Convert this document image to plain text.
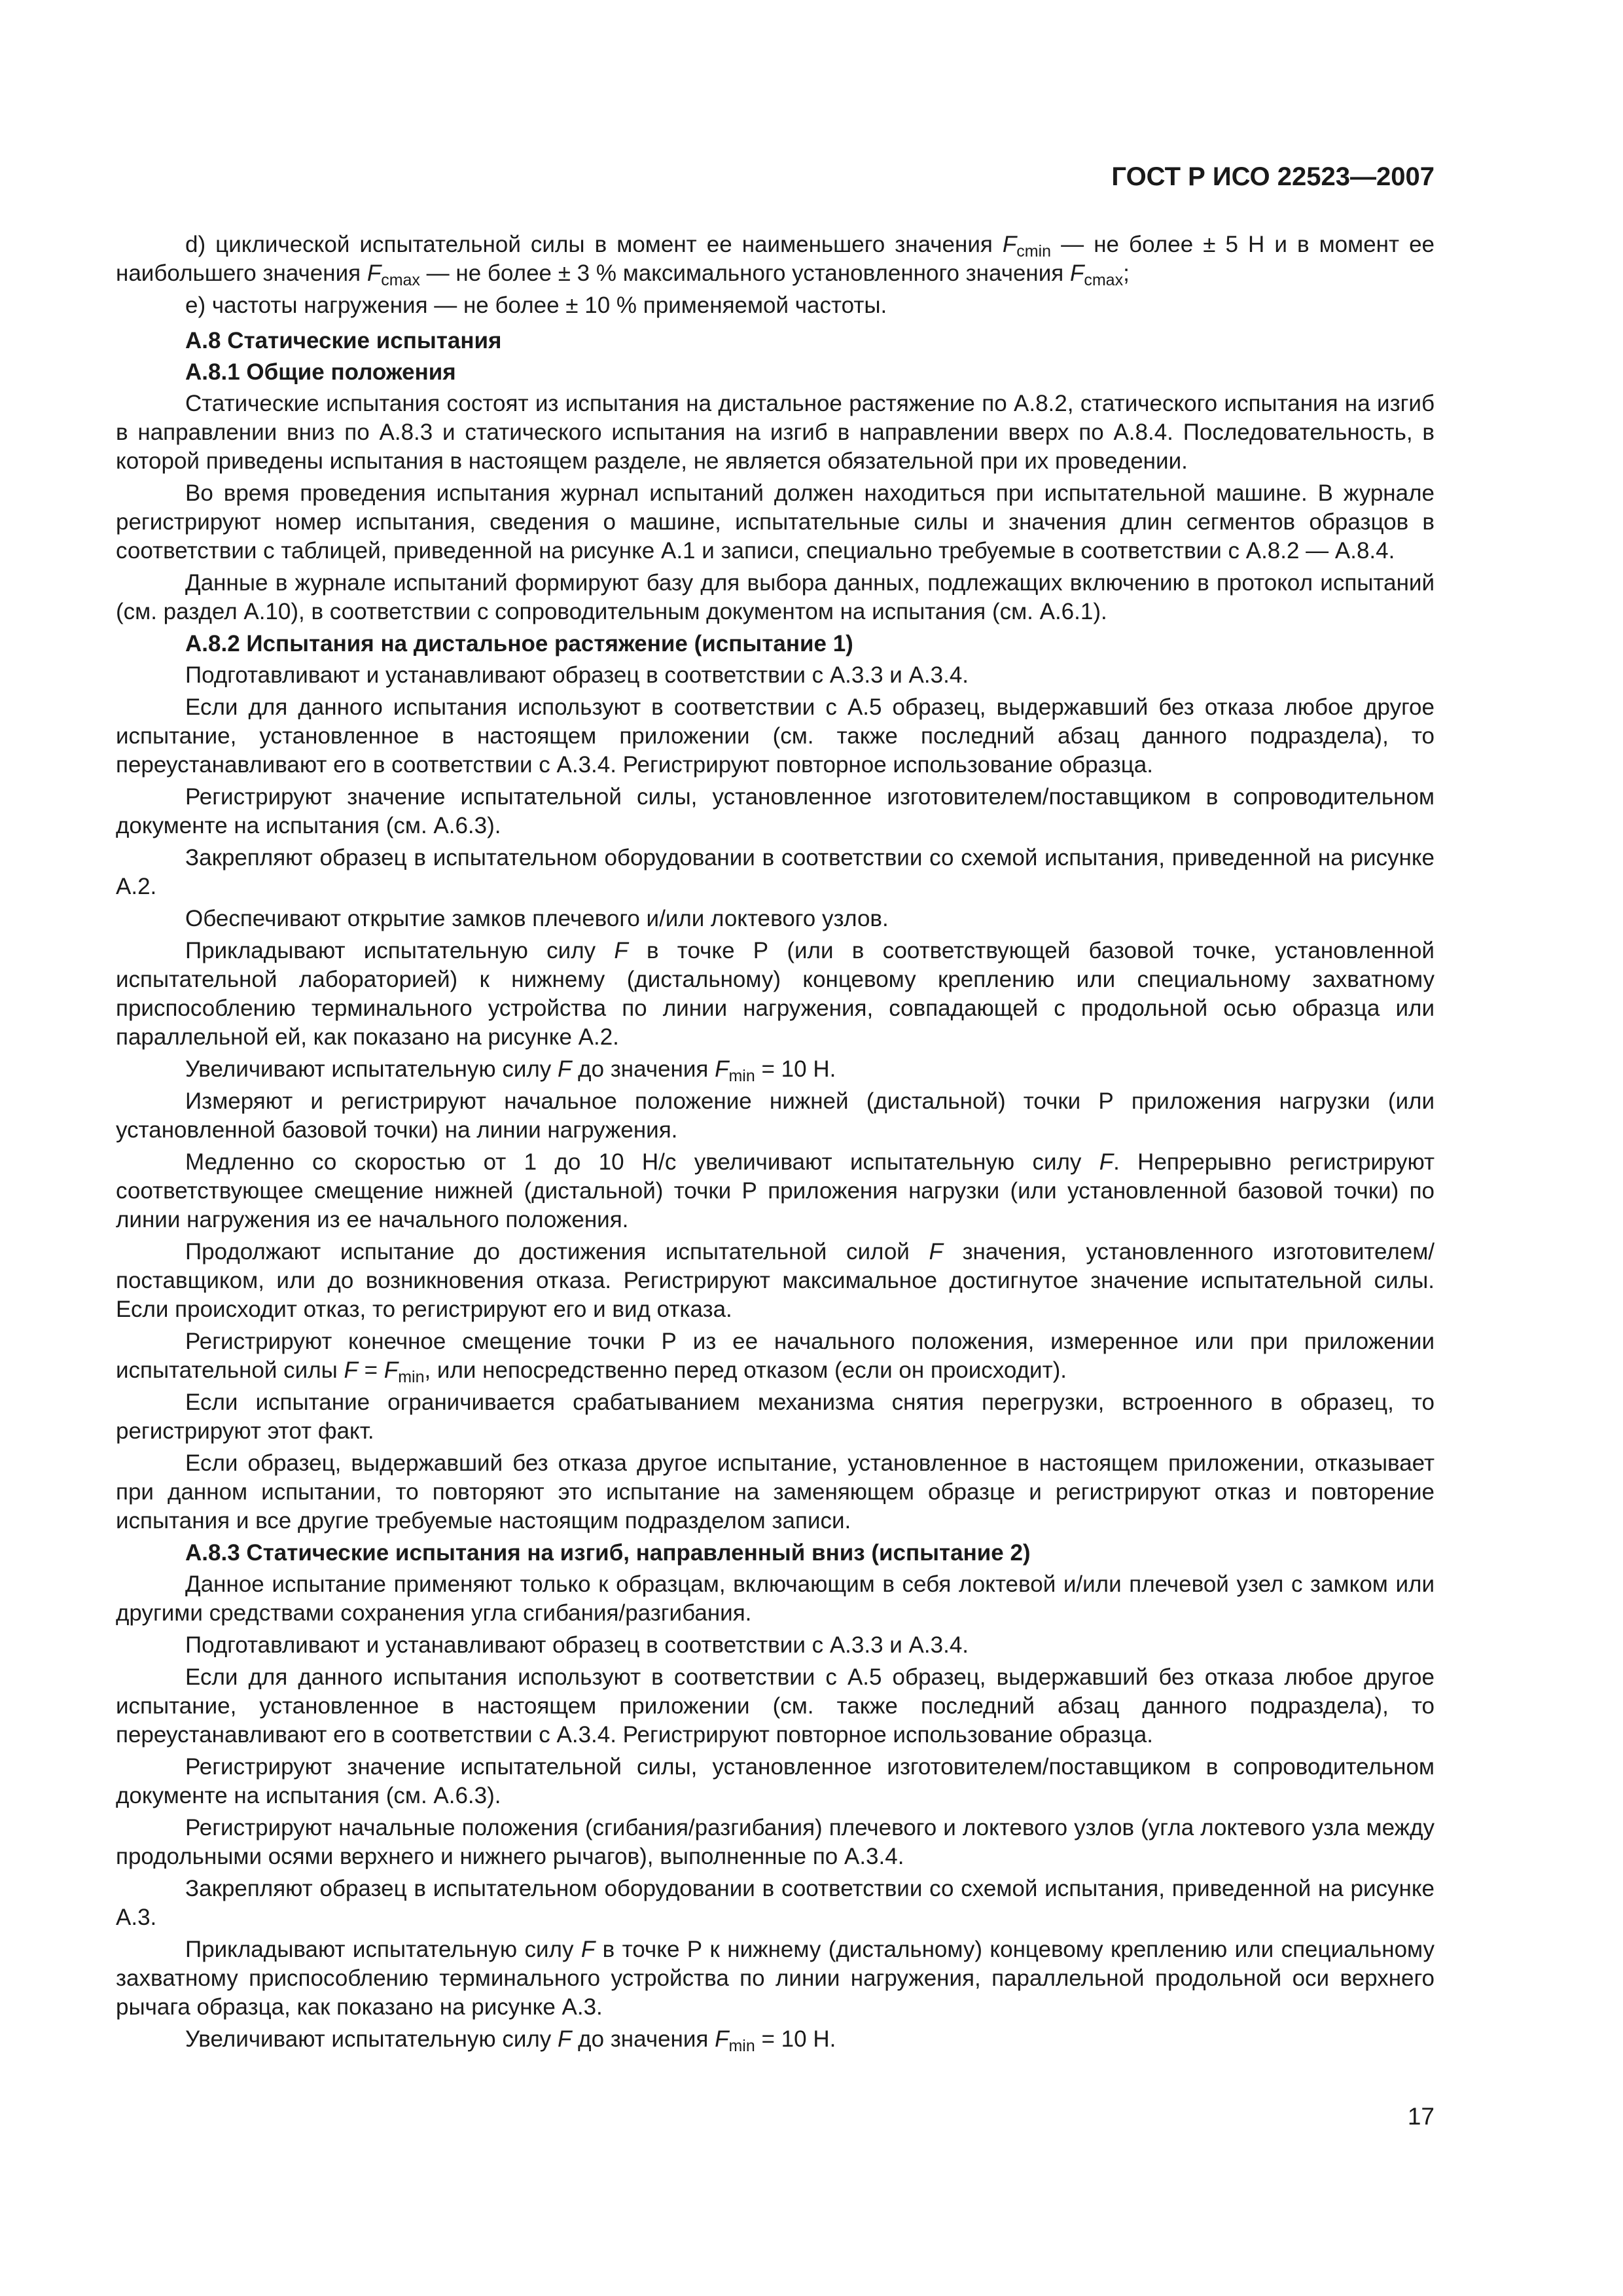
ГОСТ Р ИСО 22523—2007
d) циклической испытательной силы в момент ее наименьшего значения $F_{cmin}$ — не более ± 5 Н и в момент ее наибольшего значения $F_{cmax}$ — не более ± 3 % максимального установленного значения $F_{cmax}$;
е) частоты нагружения — не более ± 10 % применяемой частоты.
А.8 Статические испытания
А.8.1 Общие положения
Статические испытания состоят из испытания на дистальное растяжение по А.8.2, статического испытания на изгиб в направлении вниз по А.8.3 и статического испытания на изгиб в направлении вверх по А.8.4. Последовательность, в которой приведены испытания в настоящем разделе, не является обязательной при их проведении.
Во время проведения испытания журнал испытаний должен находиться при испытательной машине. В журнале регистрируют номер испытания, сведения о машине, испытательные силы и значения длин сегментов образцов в соответствии с таблицей, приведенной на рисунке А.1 и записи, специально требуемые в соответствии с А.8.2 — А.8.4.
Данные в журнале испытаний формируют базу для выбора данных, подлежащих включению в протокол испытаний (см. раздел А.10), в соответствии с сопроводительным документом на испытания (см. А.6.1).
А.8.2 Испытания на дистальное растяжение (испытание 1)
Подготавливают и устанавливают образец в соответствии с А.3.3 и А.3.4.
Если для данного испытания используют в соответствии с А.5 образец, выдержавший без отказа любое другое испытание, установленное в настоящем приложении (см. также последний абзац данного подраздела), то переустанавливают его в соответствии с А.3.4. Регистрируют повторное использование образца.
Регистрируют значение испытательной силы, установленное изготовителем/поставщиком в сопроводительном документе на испытания (см. А.6.3).
Закрепляют образец в испытательном оборудовании в соответствии со схемой испытания, приведенной на рисунке А.2.
Обеспечивают открытие замков плечевого и/или локтевого узлов.
Прикладывают испытательную силу F в точке Р (или в соответствующей базовой точке, установленной испытательной лабораторией) к нижнему (дистальному) концевому креплению или специальному захватному приспособлению терминального устройства по линии нагружения, совпадающей с продольной осью образца или параллельной ей, как показано на рисунке А.2.
Увеличивают испытательную силу F до значения $F_{min} = 10$ Н.
Измеряют и регистрируют начальное положение нижней (дистальной) точки Р приложения нагрузки (или установленной базовой точки) на линии нагружения.
Медленно со скоростью от 1 до 10 Н/с увеличивают испытательную силу F. Непрерывно регистрируют соответствующее смещение нижней (дистальной) точки Р приложения нагрузки (или установленной базовой точки) по линии нагружения из ее начального положения.
Продолжают испытание до достижения испытательной силой F значения, установленного изготовителем/поставщиком, или до возникновения отказа. Регистрируют максимальное достигнутое значение испытательной силы. Если происходит отказ, то регистрируют его и вид отказа.
Регистрируют конечное смещение точки Р из ее начального положения, измеренное или при приложении испытательной силы $F = F_{min}$, или непосредственно перед отказом (если он происходит).
Если испытание ограничивается срабатыванием механизма снятия перегрузки, встроенного в образец, то регистрируют этот факт.
Если образец, выдержавший без отказа другое испытание, установленное в настоящем приложении, отказывает при данном испытании, то повторяют это испытание на заменяющем образце и регистрируют отказ и повторение испытания и все другие требуемые настоящим подразделом записи.
А.8.3 Статические испытания на изгиб, направленный вниз (испытание 2)
Данное испытание применяют только к образцам, включающим в себя локтевой и/или плечевой узел с замком или другими средствами сохранения угла сгибания/разгибания.
Подготавливают и устанавливают образец в соответствии с А.3.3 и А.3.4.
Если для данного испытания используют в соответствии с А.5 образец, выдержавший без отказа любое другое испытание, установленное в настоящем приложении (см. также последний абзац данного подраздела), то переустанавливают его в соответствии с А.3.4. Регистрируют повторное использование образца.
Регистрируют значение испытательной силы, установленное изготовителем/поставщиком в сопроводительном документе на испытания (см. А.6.3).
Регистрируют начальные положения (сгибания/разгибания) плечевого и локтевого узлов (угла локтевого узла между продольными осями верхнего и нижнего рычагов), выполненные по А.3.4.
Закрепляют образец в испытательном оборудовании в соответствии со схемой испытания, приведенной на рисунке А.3.
Прикладывают испытательную силу F в точке Р к нижнему (дистальному) концевому креплению или специальному захватному приспособлению терминального устройства по линии нагружения, параллельной продольной оси верхнего рычага образца, как показано на рисунке А.3.
Увеличивают испытательную силу F до значения $F_{min} = 10$ Н.
17
